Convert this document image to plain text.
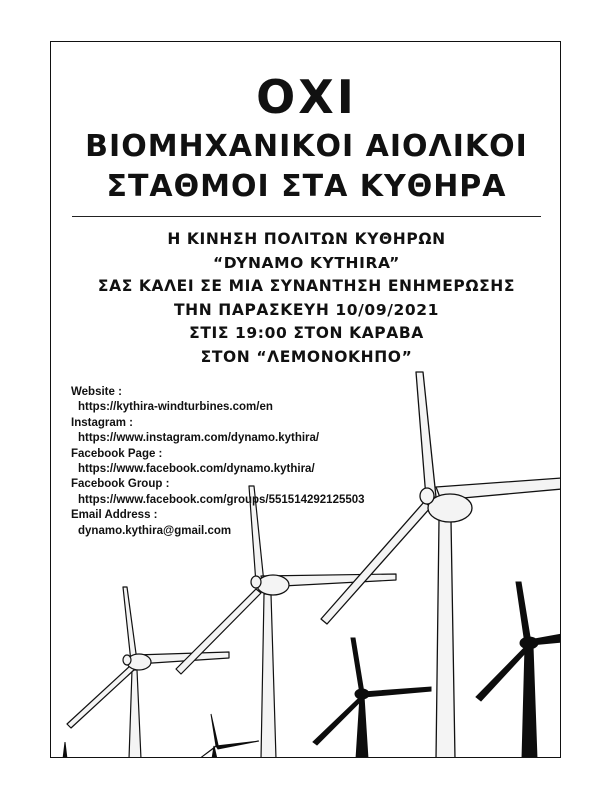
ΟΧΙ
ΒΙΟΜΗΧΑΝΙΚΟΙ ΑΙΟΛΙΚΟΙ
ΣΤΑΘΜΟΙ ΣΤΑ ΚΥΘΗΡΑ
Η ΚΙΝΗΣΗ ΠΟΛΙΤΩΝ ΚΥΘΗΡΩΝ
“DYNAMO KYTHIRA”
ΣΑΣ ΚΑΛΕΙ ΣΕ ΜΙΑ ΣΥΝΑΝΤΗΣΗ ΕΝΗΜΕΡΩΣΗΣ
ΤΗΝ ΠΑΡΑΣΚΕΥΗ 10/09/2021
ΣΤΙΣ 19:00 ΣΤΟΝ ΚΑΡΑΒΑ
ΣΤΟΝ “ΛΕΜΟΝΟΚΗΠΟ”
Website :
https://kythira-windturbines.com/en
Instagram :
https://www.instagram.com/dynamo.kythira/
Facebook Page :
https://www.facebook.com/dynamo.kythira/
Facebook Group :
https://www.facebook.com/groups/551514292125503
Email Address :
dynamo.kythira@gmail.com
